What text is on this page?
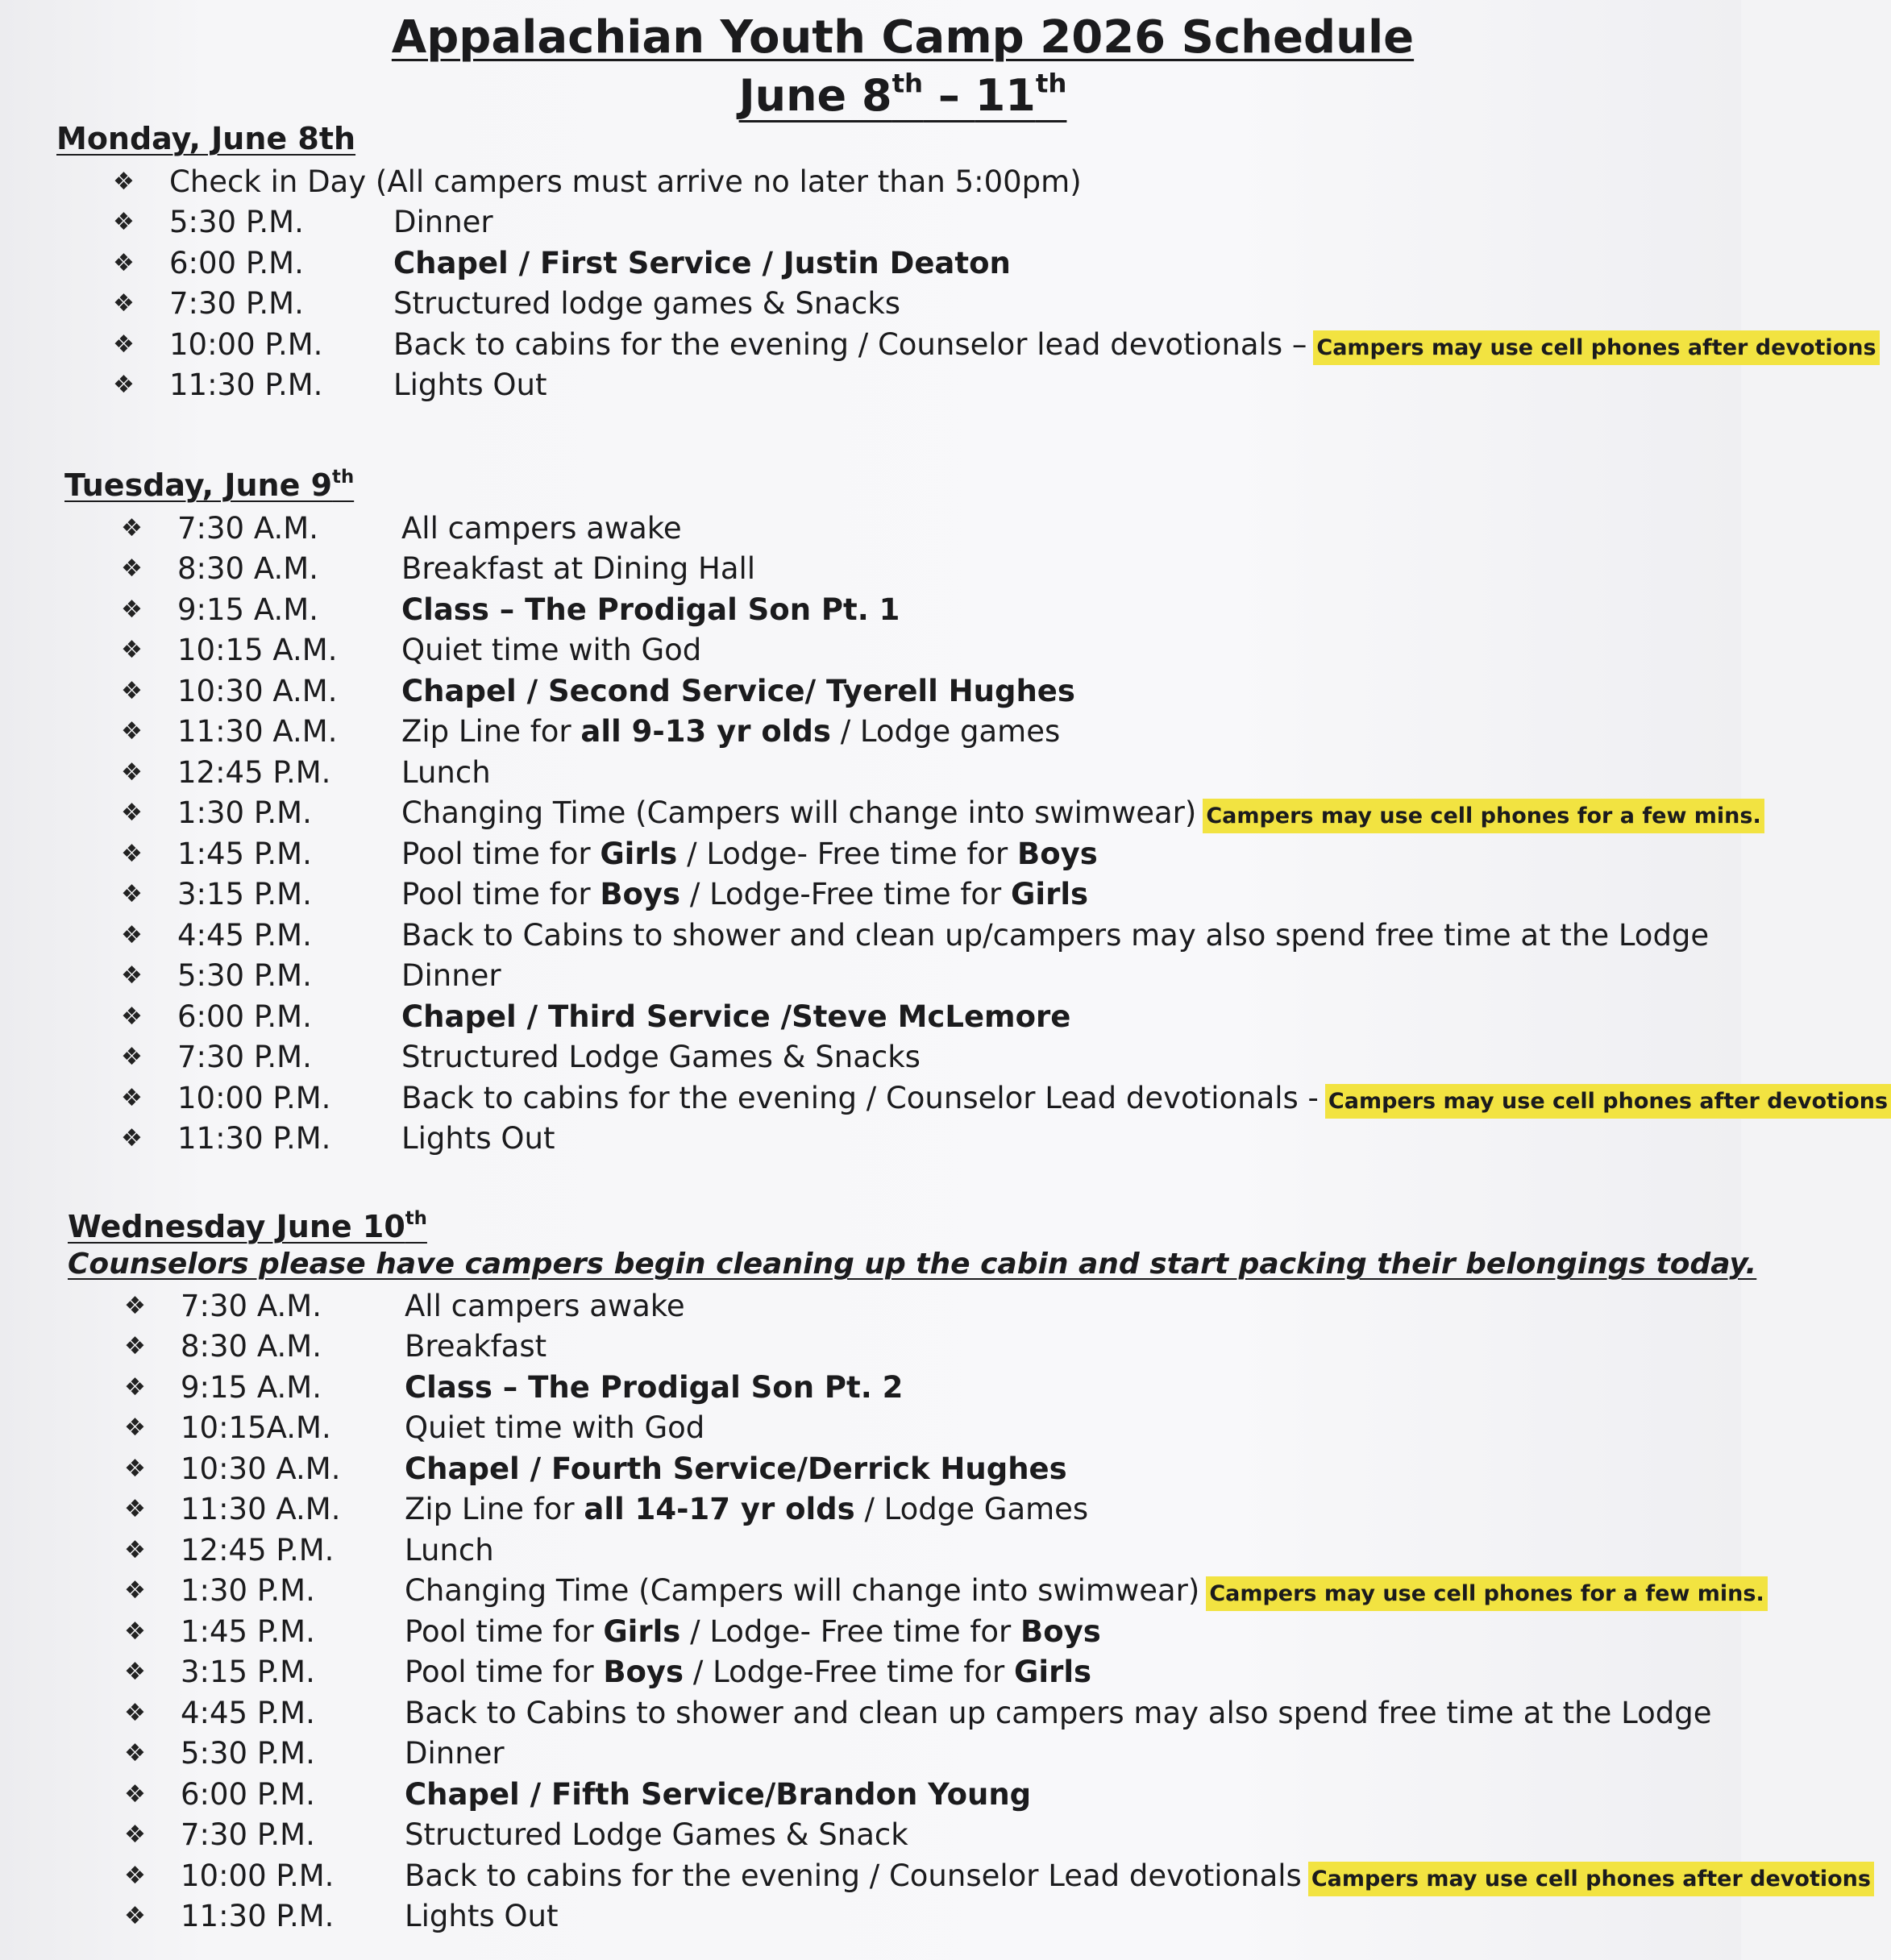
Appalachian Youth Camp 2026 Schedule
June 8th – 11th
Monday, June 8th
❖	Check in Day (All campers must arrive no later than 5:00pm)
❖	5:30 P.M.	Dinner
❖	6:00 P.M.	Chapel / First Service / Justin Deaton
❖	7:30 P.M.	Structured lodge games & Snacks
❖	10:00 P.M.	Back to cabins for the evening / Counselor lead devotionals – Campers may use cell phones after devotions
❖	11:30 P.M.	Lights Out
Tuesday, June 9th
❖	7:30 A.M.	All campers awake
❖	8:30 A.M.	Breakfast at Dining Hall
❖	9:15 A.M.	Class – The Prodigal Son Pt. 1
❖	10:15 A.M.	Quiet time with God
❖	10:30 A.M.	Chapel / Second Service/ Tyerell Hughes
❖	11:30 A.M.	Zip Line for all 9-13 yr olds / Lodge games
❖	12:45 P.M.	Lunch
❖	1:30 P.M.	Changing Time (Campers will change into swimwear) Campers may use cell phones for a few mins.
❖	1:45 P.M.	Pool time for Girls / Lodge- Free time for Boys
❖	3:15 P.M.	Pool time for Boys / Lodge-Free time for Girls
❖	4:45 P.M.	Back to Cabins to shower and clean up/campers may also spend free time at the Lodge
❖	5:30 P.M.	Dinner
❖	6:00 P.M.	Chapel / Third Service /Steve McLemore
❖	7:30 P.M.	Structured Lodge Games & Snacks
❖	10:00 P.M.	Back to cabins for the evening / Counselor Lead devotionals - Campers may use cell phones after devotions
❖	11:30 P.M.	Lights Out
Wednesday June 10th
Counselors please have campers begin cleaning up the cabin and start packing their belongings today.
❖	7:30 A.M.	All campers awake
❖	8:30 A.M.	Breakfast
❖	9:15 A.M.	Class – The Prodigal Son Pt. 2
❖	10:15A.M.	Quiet time with God
❖	10:30 A.M.	Chapel / Fourth Service/Derrick Hughes
❖	11:30 A.M.	Zip Line for all 14-17 yr olds / Lodge Games
❖	12:45 P.M.	Lunch
❖	1:30 P.M.	Changing Time (Campers will change into swimwear) Campers may use cell phones for a few mins.
❖	1:45 P.M.	Pool time for Girls / Lodge- Free time for Boys
❖	3:15 P.M.	Pool time for Boys / Lodge-Free time for Girls
❖	4:45 P.M.	Back to Cabins to shower and clean up campers may also spend free time at the Lodge
❖	5:30 P.M.	Dinner
❖	6:00 P.M.	Chapel / Fifth Service/Brandon Young
❖	7:30 P.M.	Structured Lodge Games & Snack
❖	10:00 P.M.	Back to cabins for the evening / Counselor Lead devotionals Campers may use cell phones after devotions
❖	11:30 P.M.	Lights Out
